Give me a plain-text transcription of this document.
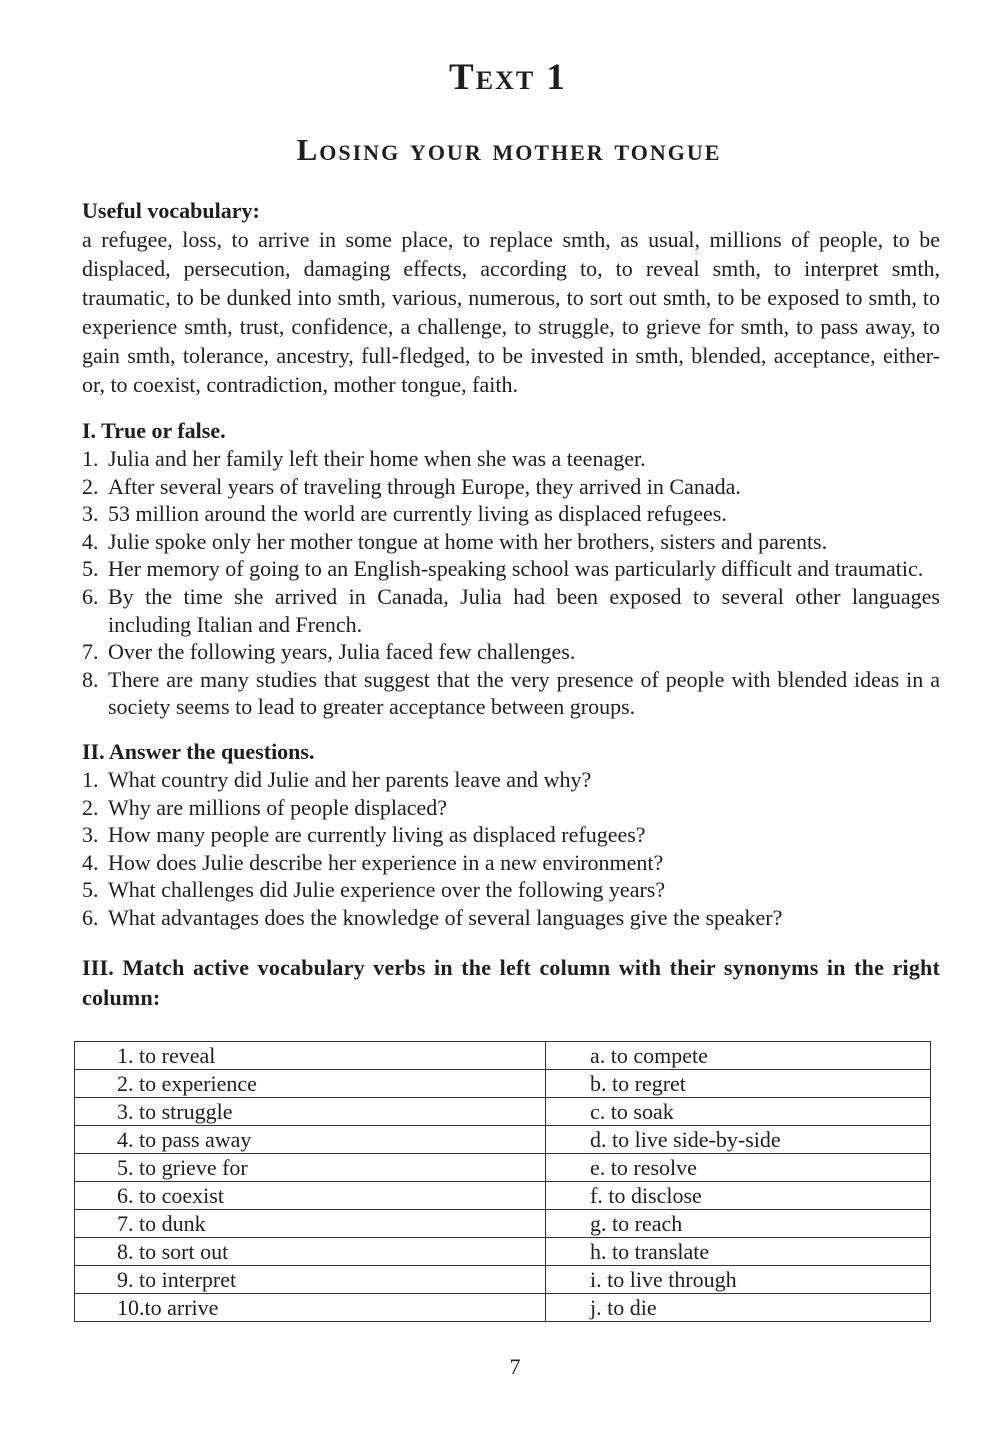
Text 1
Losing your mother tongue

Useful vocabulary:

a refugee, loss, to arrive in some place, to replace smth, as usual, millions of people, to be displaced, persecution, damaging effects, according to, to reveal smth, to interpret smth, traumatic, to be dunked into smth, various, numerous, to sort out smth, to be exposed to smth, to experience smth, trust, confidence, a challenge, to struggle, to grieve for smth, to pass away, to gain smth, tolerance, ancestry, full-fledged, to be invested in smth, blended, acceptance, either-or, to coexist, contradiction, mother tongue, faith.

I. True or false.

1. Julia and her family left their home when she was a teenager.
2. After several years of traveling through Europe, they arrived in Canada.
3. 53 million around the world are currently living as displaced refugees.
4. Julie spoke only her mother tongue at home with her brothers, sisters and parents.
5. Her memory of going to an English-speaking school was particularly difficult and traumatic.
6. By the time she arrived in Canada, Julia had been exposed to several other languages including Italian and French.
7. Over the following years, Julia faced few challenges.
8. There are many studies that suggest that the very presence of people with blended ideas in a society seems to lead to greater acceptance between groups.

II. Answer the questions.

1. What country did Julie and her parents leave and why?
2. Why are millions of people displaced?
3. How many people are currently living as displaced refugees?
4. How does Julie describe her experience in a new environment?
5. What challenges did Julie experience over the following years?
6. What advantages does the knowledge of several languages give the speaker?

III. Match active vocabulary verbs in the left column with their synonyms in the right column:

1. to reveal	a. to compete
2. to experience	b. to regret
3. to struggle	c. to soak
4. to pass away	d. to live side-by-side
5. to grieve for	e. to resolve
6. to coexist	f. to disclose
7. to dunk	g. to reach
8. to sort out	h. to translate
9. to interpret	i. to live through
10.to arrive	j. to die
7
